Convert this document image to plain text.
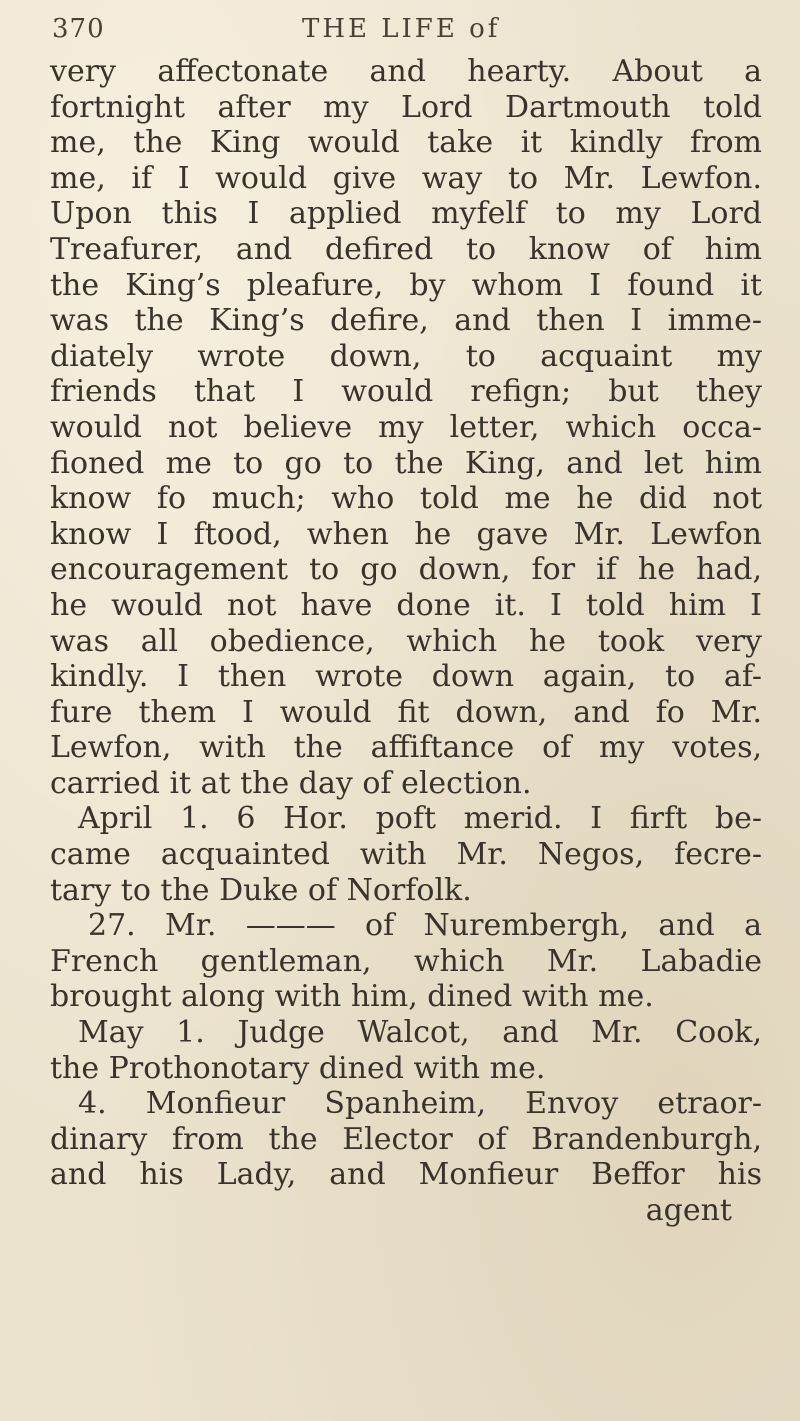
370	THE LIFE of
very affectonate and hearty. About a
fortnight after my Lord Dartmouth told
me, the King would take it kindly from
me, if I would give way to Mr. Lewfon.
Upon this I applied myfelf to my Lord
Treafurer, and defired to know of him
the King’s pleafure, by whom I found it
was the King’s defire, and then I imme-
diately wrote down, to acquaint my
friends that I would refign; but they
would not believe my letter, which occa-
fioned me to go to the King, and let him
know fo much; who told me he did not
know I ftood, when he gave Mr. Lewfon
encouragement to go down, for if he had,
he would not have done it. I told him I
was all obedience, which he took very
kindly. I then wrote down again, to af-
fure them I would fit down, and fo Mr.
Lewfon, with the affiftance of my votes,
carried it at the day of election.
April 1. 6 Hor. poft merid. I firft be-
came acquainted with Mr. Negos, fecre-
tary to the Duke of Norfolk.
27. Mr. ——— of Nurembergh, and a
French gentleman, which Mr. Labadie
brought along with him, dined with me.
May 1. Judge Walcot, and Mr. Cook,
the Prothonotary dined with me.
4. Monfieur Spanheim, Envoy etraor-
dinary from the Elector of Brandenburgh,
and his Lady, and Monfieur Beffor his
agent
